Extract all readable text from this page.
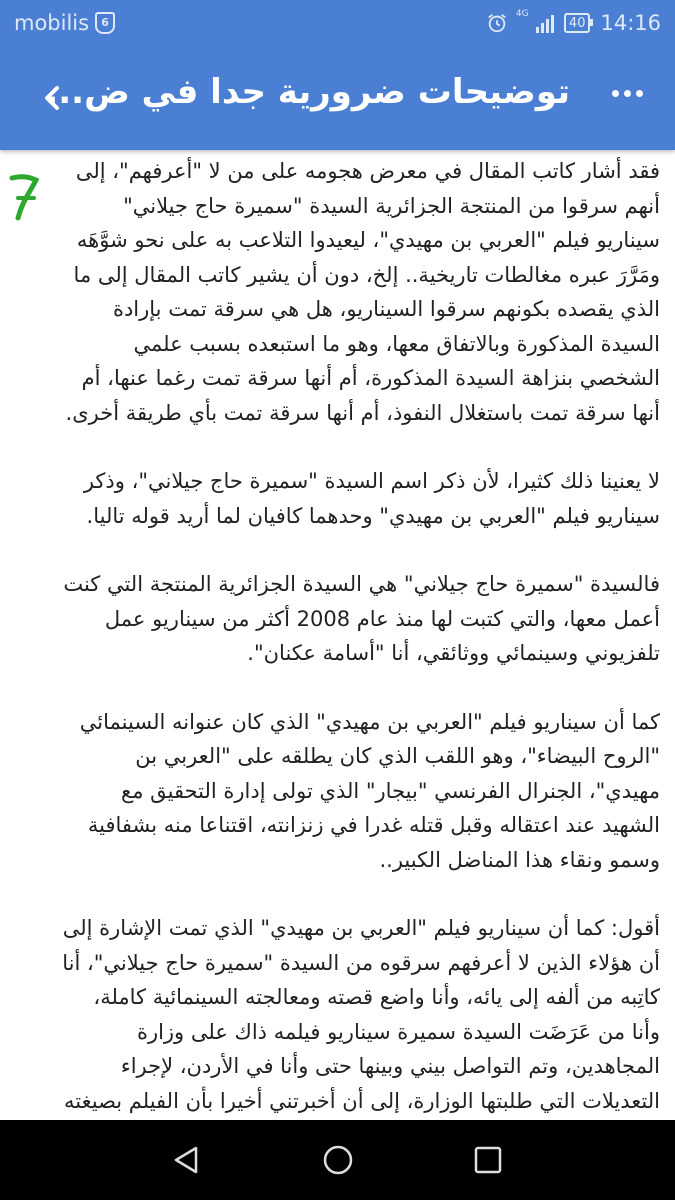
mobilis	6
4G
40 14:16
توضيحات ضرورية جدا في ض...

فقد أشار كاتب المقال في معرض هجومه على من لا "أعرفهم"، إلى أنهم سرقوا من المنتجة الجزائرية السيدة "سميرة حاج جيلاني" سيناريو فيلم "العربي بن مهيدي"، ليعيدوا التلاعب به على نحو شوَّهَه ومَرَّرَ عبره مغالطات تاريخية.. إلخ، دون أن يشير كاتب المقال إلى ما الذي يقصده بكونهم سرقوا السيناريو، هل هي سرقة تمت بإرادة السيدة المذكورة وبالاتفاق معها، وهو ما استبعده بسبب علمي الشخصي بنزاهة السيدة المذكورة، أم أنها سرقة تمت رغما عنها، أم أنها سرقة تمت باستغلال النفوذ، أم أنها سرقة تمت بأي طريقة أخرى.

لا يعنينا ذلك كثيرا، لأن ذكر اسم السيدة "سميرة حاج جيلاني"، وذكر سيناريو فيلم "العربي بن مهيدي" وحدهما كافيان لما أريد قوله تاليا.

فالسيدة "سميرة حاج جيلاني" هي السيدة الجزائرية المنتجة التي كنت أعمل معها، والتي كتبت لها منذ عام 2008 أكثر من سيناريو عمل تلفزيوني وسينمائي ووثائقي، أنا "أسامة عكنان".

كما أن سيناريو فيلم "العربي بن مهيدي" الذي كان عنوانه السينمائي "الروح البيضاء"، وهو اللقب الذي كان يطلقه على "العربي بن مهيدي"، الجنرال الفرنسي "بيجار" الذي تولى إدارة التحقيق مع الشهيد عند اعتقاله وقبل قتله غدرا في زنزانته، اقتناعا منه بشفافية وسمو ونقاء هذا المناضل الكبير..

أقول: كما أن سيناريو فيلم "العربي بن مهيدي" الذي تمت الإشارة إلى أن هؤلاء الذين لا أعرفهم سرقوه من السيدة "سميرة حاج جيلاني"، أنا كاتِبه من ألفه إلى يائه، وأنا واضع قصته ومعالجته السينمائية كاملة، وأنا من عَرَضَت السيدة سميرة سيناريو فيلمه ذاك على وزارة المجاهدين، وتم التواصل بيني وبينها حتى وأنا في الأردن، لإجراء التعديلات التي طلبتها الوزارة، إلى أن أخبرتني أخيرا بأن الفيلم بصيغته
